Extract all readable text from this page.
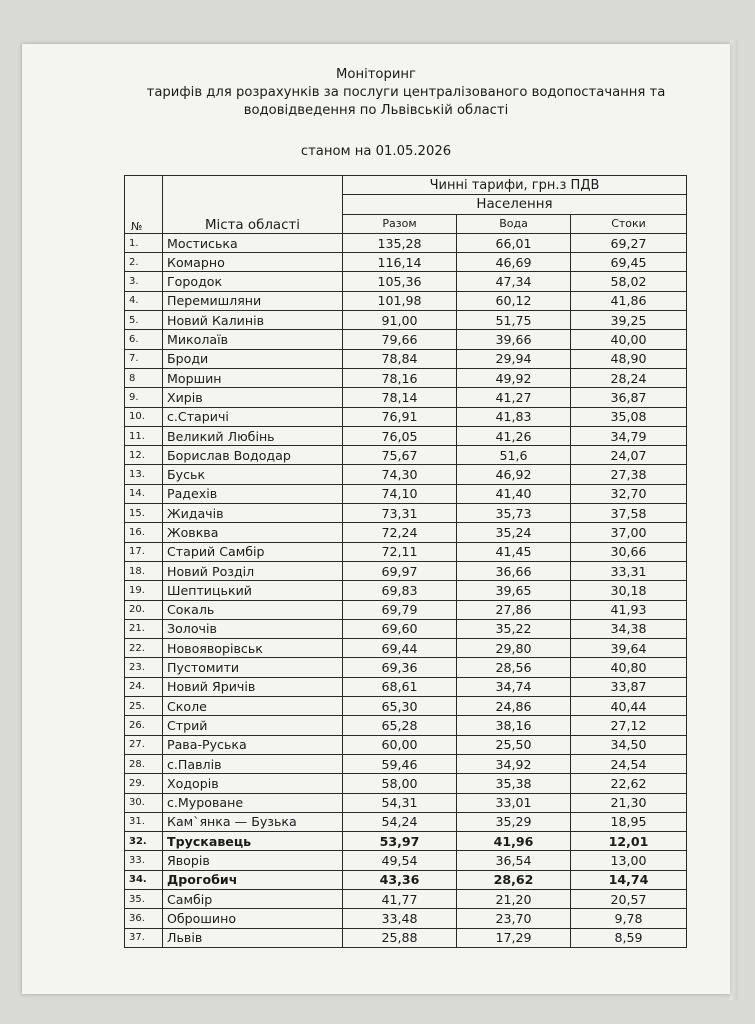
Моніторинг
тарифів для розрахунків за послуги централізованого водопостачання та
водовідведення по Львівській області
станом на 01.05.2026
№	Міста області	Чинні тарифи, грн.з ПДВ		
		Населення		
		Разом	Вода	Стоки
1.	Мостиська	135,28	66,01	69,27
2.	Комарно	116,14	46,69	69,45
3.	Городок	105,36	47,34	58,02
4.	Перемишляни	101,98	60,12	41,86
5.	Новий Калинів	91,00	51,75	39,25
6.	Миколаїв	79,66	39,66	40,00
7.	Броди	78,84	29,94	48,90
8	Моршин	78,16	49,92	28,24
9.	Хирів	78,14	41,27	36,87
10.	с.Старичі	76,91	41,83	35,08
11.	Великий Любінь	76,05	41,26	34,79
12.	Борислав Вододар	75,67	51,6	24,07
13.	Буськ	74,30	46,92	27,38
14.	Радехів	74,10	41,40	32,70
15.	Жидачів	73,31	35,73	37,58
16.	Жовква	72,24	35,24	37,00
17.	Старий Самбір	72,11	41,45	30,66
18.	Новий Розділ	69,97	36,66	33,31
19.	Шептицький	69,83	39,65	30,18
20.	Сокаль	69,79	27,86	41,93
21.	Золочів	69,60	35,22	34,38
22.	Новояворівськ	69,44	29,80	39,64
23.	Пустомити	69,36	28,56	40,80
24.	Новий Яричів	68,61	34,74	33,87
25.	Сколе	65,30	24,86	40,44
26.	Стрий	65,28	38,16	27,12
27.	Рава-Руська	60,00	25,50	34,50
28.	с.Павлів	59,46	34,92	24,54
29.	Ходорів	58,00	35,38	22,62
30.	с.Муроване	54,31	33,01	21,30
31.	Кам`янка — Бузька	54,24	35,29	18,95
32.	Трускавець	53,97	41,96	12,01
33.	Яворів	49,54	36,54	13,00
34.	Дрогобич	43,36	28,62	14,74
35.	Самбір	41,77	21,20	20,57
36.	Оброшино	33,48	23,70	9,78
37.	Львів	25,88	17,29	8,59
